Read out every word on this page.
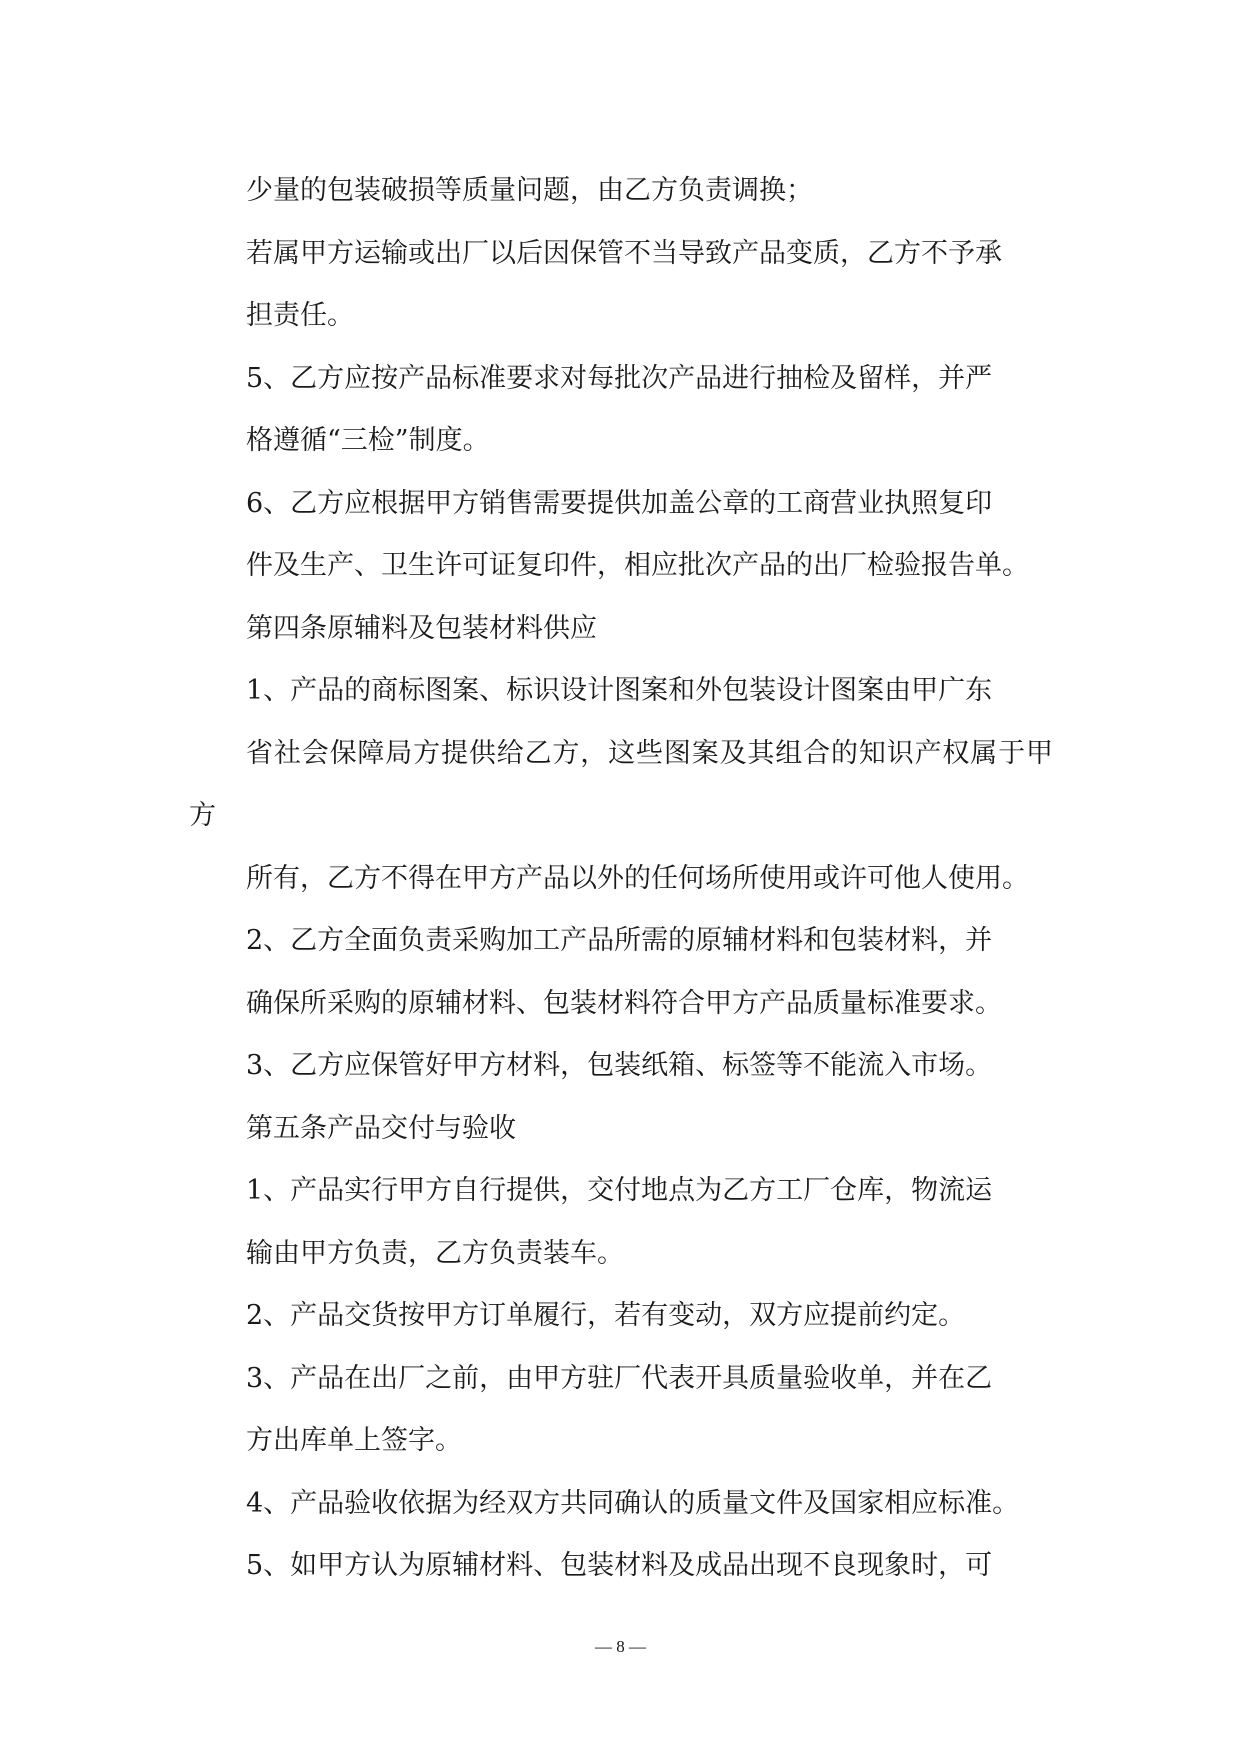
少量的包装破损等质量问题，由乙方负责调换；

若属甲方运输或出厂以后因保管不当导致产品变质，乙方不予承
担责任。

5、乙方应按产品标准要求对每批次产品进行抽检及留样，并严
格遵循“三检”制度。

6、乙方应根据甲方销售需要提供加盖公章的工商营业执照复印
件及生产、卫生许可证复印件，相应批次产品的出厂检验报告单。

第四条原辅料及包装材料供应

1、产品的商标图案、标识设计图案和外包装设计图案由甲广东
省社会保障局方提供给乙方，这些图案及其组合的知识产权属于甲方
所有，乙方不得在甲方产品以外的任何场所使用或许可他人使用。

2、乙方全面负责采购加工产品所需的原辅材料和包装材料，并
确保所采购的原辅材料、包装材料符合甲方产品质量标准要求。

3、乙方应保管好甲方材料，包装纸箱、标签等不能流入市场。

第五条产品交付与验收

1、产品实行甲方自行提供，交付地点为乙方工厂仓库，物流运
输由甲方负责，乙方负责装车。

2、产品交货按甲方订单履行，若有变动，双方应提前约定。

3、产品在出厂之前，由甲方驻厂代表开具质量验收单，并在乙
方出库单上签字。

4、产品验收依据为经双方共同确认的质量文件及国家相应标准。

5、如甲方认为原辅材料、包装材料及成品出现不良现象时，可

— 8 —
